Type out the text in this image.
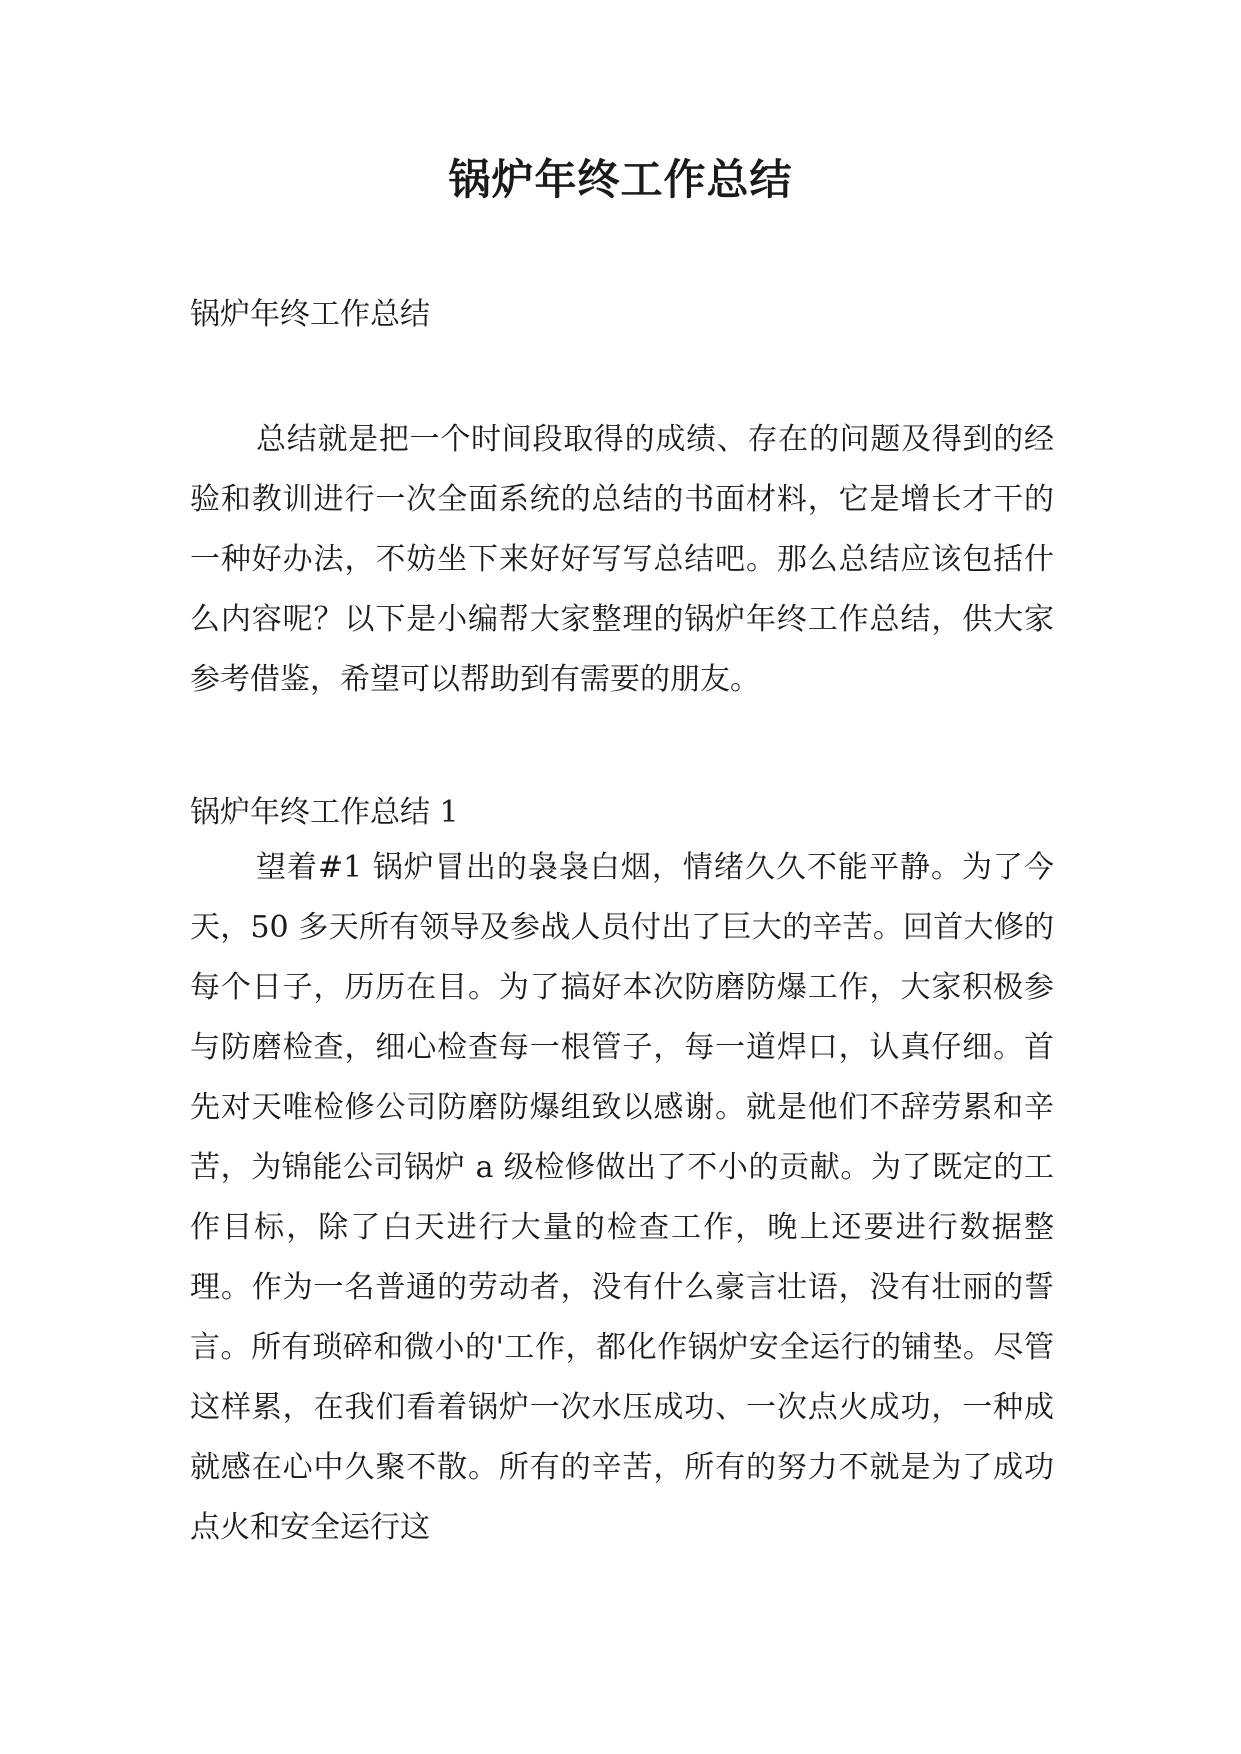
锅炉年终工作总结

锅炉年终工作总结

总结就是把一个时间段取得的成绩、存在的问题及得到的经验和教训进行一次全面系统的总结的书面材料，它是增长才干的一种好办法，不妨坐下来好好写写总结吧。那么总结应该包括什么内容呢？以下是小编帮大家整理的锅炉年终工作总结，供大家参考借鉴，希望可以帮助到有需要的朋友。

锅炉年终工作总结 1

望着#1 锅炉冒出的袅袅白烟，情绪久久不能平静。为了今天，50 多天所有领导及参战人员付出了巨大的辛苦。回首大修的每个日子，历历在目。为了搞好本次防磨防爆工作，大家积极参与防磨检查，细心检查每一根管子，每一道焊口，认真仔细。首先对天唯检修公司防磨防爆组致以感谢。就是他们不辞劳累和辛苦，为锦能公司锅炉 a 级检修做出了不小的贡献。为了既定的工作目标，除了白天进行大量的检查工作，晚上还要进行数据整理。作为一名普通的劳动者，没有什么豪言壮语，没有壮丽的誓言。所有琐碎和微小的'工作，都化作锅炉安全运行的铺垫。尽管这样累，在我们看着锅炉一次水压成功、一次点火成功，一种成就感在心中久聚不散。所有的辛苦，所有的努力不就是为了成功点火和安全运行这
